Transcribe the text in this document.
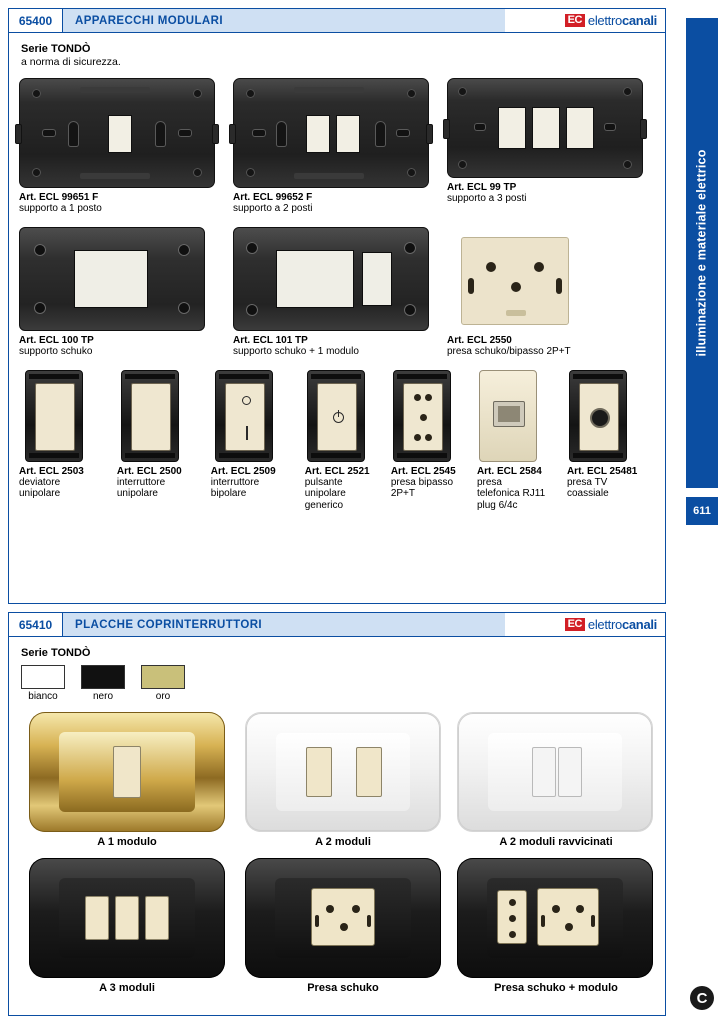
65400	APPARECCHI MODULARI	EC elettrocanali
Serie TONDÒ
a norma di sicurezza.
Art. ECL 99651 F
supporto a 1 posto
Art. ECL 99652 F
supporto a 2 posti
Art. ECL 99 TP
supporto a 3 posti
Art. ECL 100 TP
supporto schuko
Art. ECL 101 TP
supporto schuko + 1 modulo
Art. ECL 2550
presa schuko/bipasso 2P+T
Art. ECL 2503
deviatore
unipolare
Art. ECL 2500
interruttore
unipolare
Art. ECL 2509
interruttore
bipolare
Art. ECL 2521
pulsante
unipolare
generico
Art. ECL 2545
presa bipasso
2P+T
Art. ECL 2584
presa
telefonica RJ11
plug 6/4c
Art. ECL 25481
presa TV
coassiale
65410	PLACCHE COPRINTERRUTTORI	EC elettrocanali
Serie TONDÒ
bianco	nero	oro
A 1 modulo	A 2 moduli	A 2 moduli ravvicinati
A 3 moduli	Presa schuko	Presa schuko + modulo
illuminazione e materiale elettrico
611
C
